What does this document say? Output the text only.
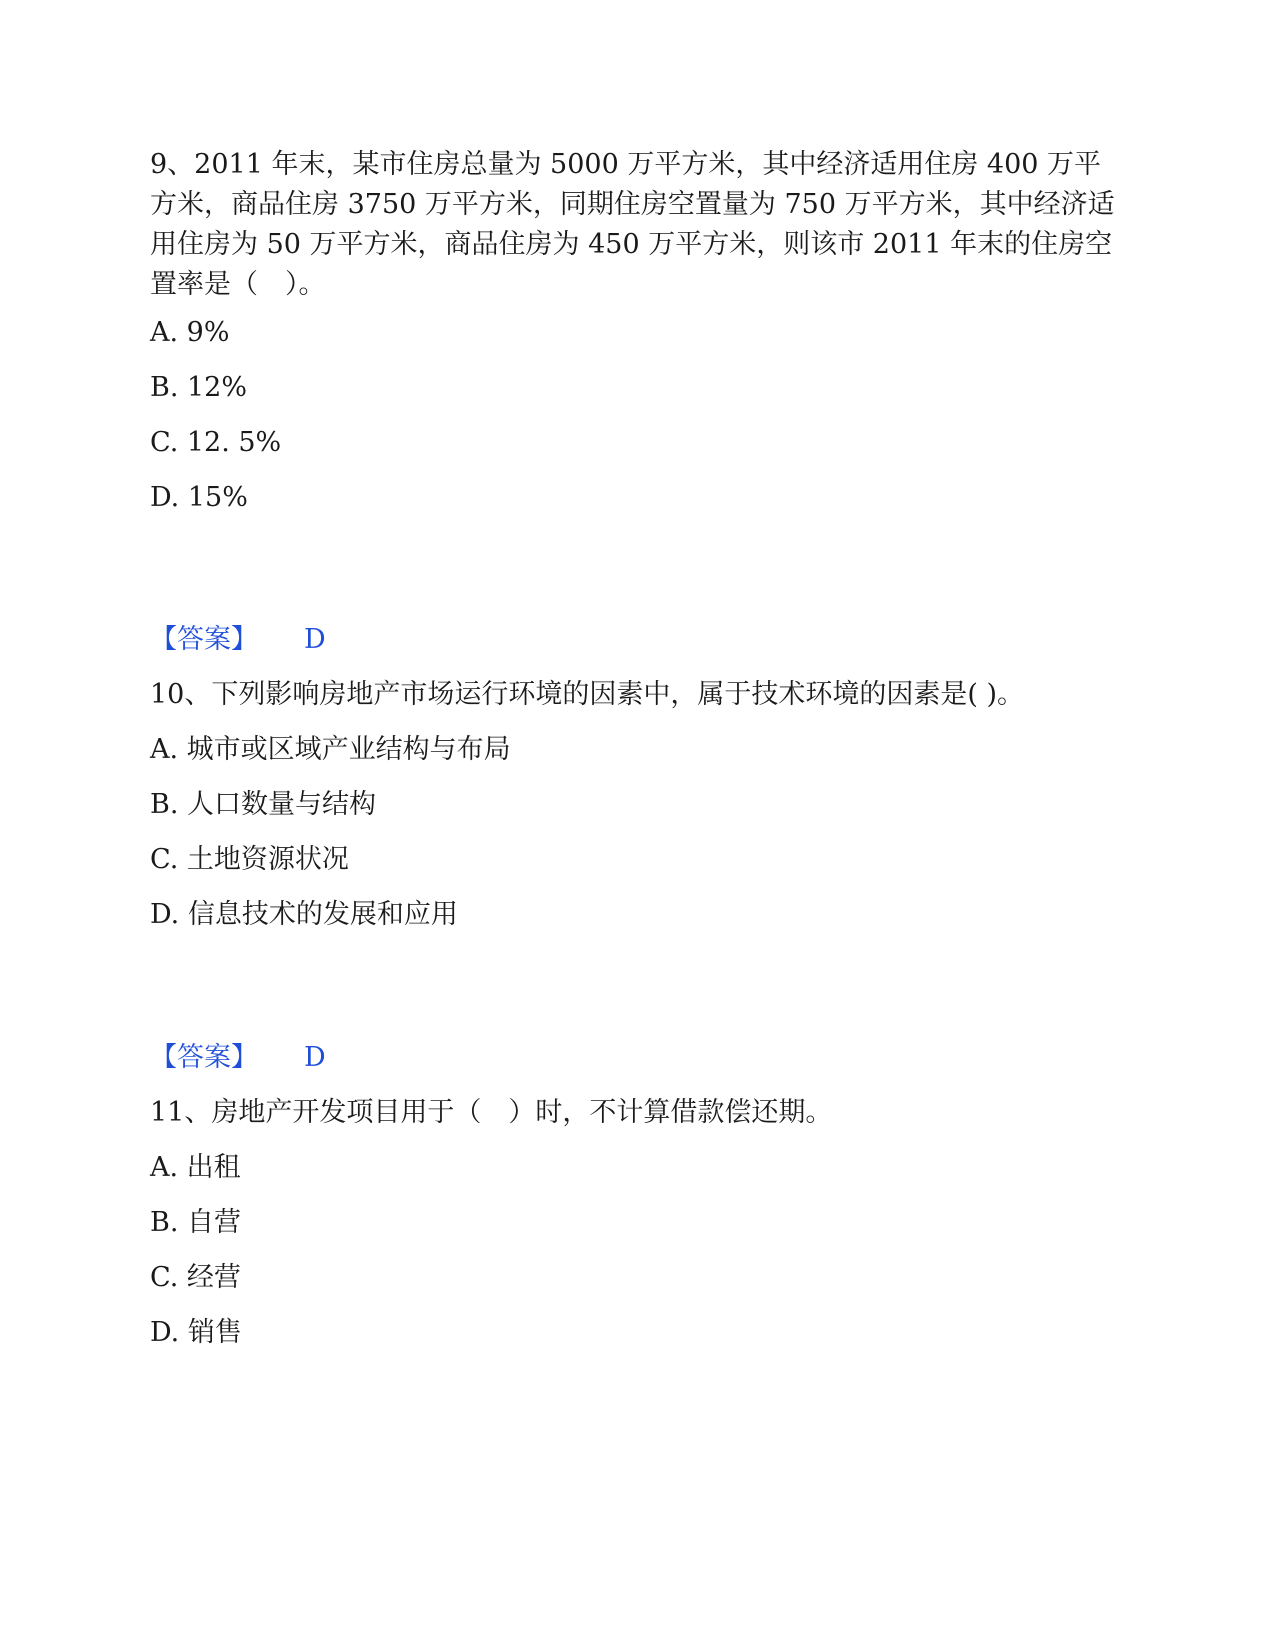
9、2011 年末，某市住房总量为 5000 万平方米，其中经济适用住房 400 万平方米，商品住房 3750 万平方米，同期住房空置量为 750 万平方米，其中经济适用住房为 50 万平方米，商品住房为 450 万平方米，则该市 2011 年末的住房空置率是（　）。

A. 9%

B. 12%

C. 12. 5%

D. 15%

【答案】 D

10、下列影响房地产市场运行环境的因素中，属于技术环境的因素是( )。

A. 城市或区域产业结构与布局

B. 人口数量与结构

C. 土地资源状况

D. 信息技术的发展和应用

【答案】 D

11、房地产开发项目用于（　）时，不计算借款偿还期。

A. 出租

B. 自营

C. 经营

D. 销售
